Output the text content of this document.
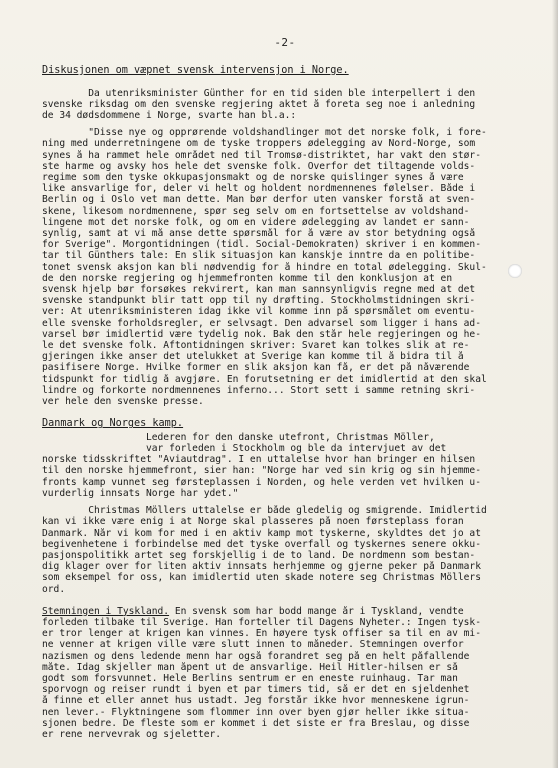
-2-
Diskusjonen om væpnet svensk intervensjon i Norge.
Da utenriksminister Günther for en tid siden ble interpellert i den
svenske riksdag om den svenske regjering aktet å foreta seg noe i anledning
de 34 dødsdommene i Norge, svarte han bl.a.:
"Disse nye og opprørende voldshandlinger mot det norske folk, i fore-
ning med underretningene om de tyske troppers ødelegging av Nord-Norge, som
synes å ha rammet hele området ned til Tromsø-distriktet, har vakt den stør-
ste harme og avsky hos hele det svenske folk. Overfor det tiltagende volds-
regime som den tyske okkupasjonsmakt og de norske quislinger synes å være
like ansvarlige for, deler vi helt og holdent nordmennenes følelser. Både i
Berlin og i Oslo vet man dette. Man bør derfor uten vansker forstå at sven-
skene, likesom nordmennene, spør seg selv om en fortsettelse av voldshand-
lingene mot det norske folk, og om en videre ødelegging av landet er sann-
synlig, samt at vi må anse dette spørsmål for å være av stor betydning også
for Sverige". Morgontidningen (tidl. Social-Demokraten) skriver i en kommen-
tar til Günthers tale: En slik situasjon kan kanskje inntre da en politibe-
tonet svensk aksjon kan bli nødvendig for å hindre en total ødelegging. Skul-
de den norske regjering og hjemmefronten komme til den konklusjon at en
svensk hjelp bør forsøkes rekvirert, kan man sannsynligvis regne med at det
svenske standpunkt blir tatt opp til ny drøfting. Stockholmstidningen skri-
ver: At utenriksministeren idag ikke vil komme inn på spørsmålet om eventu-
elle svenske forholdsregler, er selvsagt. Den advarsel som ligger i hans ad-
varsel bør imidlertid være tydelig nok. Bak den står hele regjeringen og he-
le det svenske folk. Aftontidningen skriver: Svaret kan tolkes slik at re-
gjeringen ikke anser det utelukket at Sverige kan komme til å bidra til å
pasifisere Norge. Hvilke former en slik aksjon kan få, er det på nåværende
tidspunkt for tidlig å avgjøre. En forutsetning er det imidlertid at den skal
lindre og forkorte nordmennenes inferno... Stort sett i samme retning skri-
ver hele den svenske presse.
Danmark og Norges kamp.
Lederen for den danske utefront, Christmas Möller,
var forleden i Stockholm og ble da intervjuet av det
norske tidsskriftet "Aviautdrag". I en uttalelse hvor han bringer en hilsen
til den norske hjemmefront, sier han: "Norge har ved sin krig og sin hjemme-
fronts kamp vunnet seg førsteplassen i Norden, og hele verden vet hvilken u-
vurderlig innsats Norge har ydet."
Christmas Möllers uttalelse er både gledelig og smigrende. Imidlertid
kan vi ikke være enig i at Norge skal plasseres på noen førsteplass foran
Danmark. Når vi kom for med i en aktiv kamp mot tyskerne, skyldtes det jo at
begivenhetene i forbindelse med det tyske overfall og tyskernes senere okku-
pasjonspolitikk artet seg forskjellig i de to land. De nordmenn som bestan-
dig klager over for liten aktiv innsats herhjemme og gjerne peker på Danmark
som eksempel for oss, kan imidlertid uten skade notere seg Christmas Möllers
ord.
Stemningen i Tyskland. En svensk som har bodd mange år i Tyskland, vendte
forleden tilbake til Sverige. Han forteller til Dagens Nyheter.: Ingen tysk-
er tror lenger at krigen kan vinnes. En høyere tysk offiser sa til en av mi-
ne venner at krigen ville være slutt innen to måneder. Stemningen overfor
nazismen og dens ledende menn har også forandret seg på en helt påfallende
måte. Idag skjeller man åpent ut de ansvarlige. Heil Hitler-hilsen er så
godt som forsvunnet. Hele Berlins sentrum er en eneste ruinhaug. Tar man
sporvogn og reiser rundt i byen et par timers tid, så er det en sjeldenhet
å finne et eller annet hus ustadt. Jeg forstår ikke hvor menneskene igrun-
nen lever.- Flyktningene som flommer inn over byen gjør heller ikke situa-
sjonen bedre. De fleste som er kommet i det siste er fra Breslau, og disse
er rene nervevrak og sjeletter.
